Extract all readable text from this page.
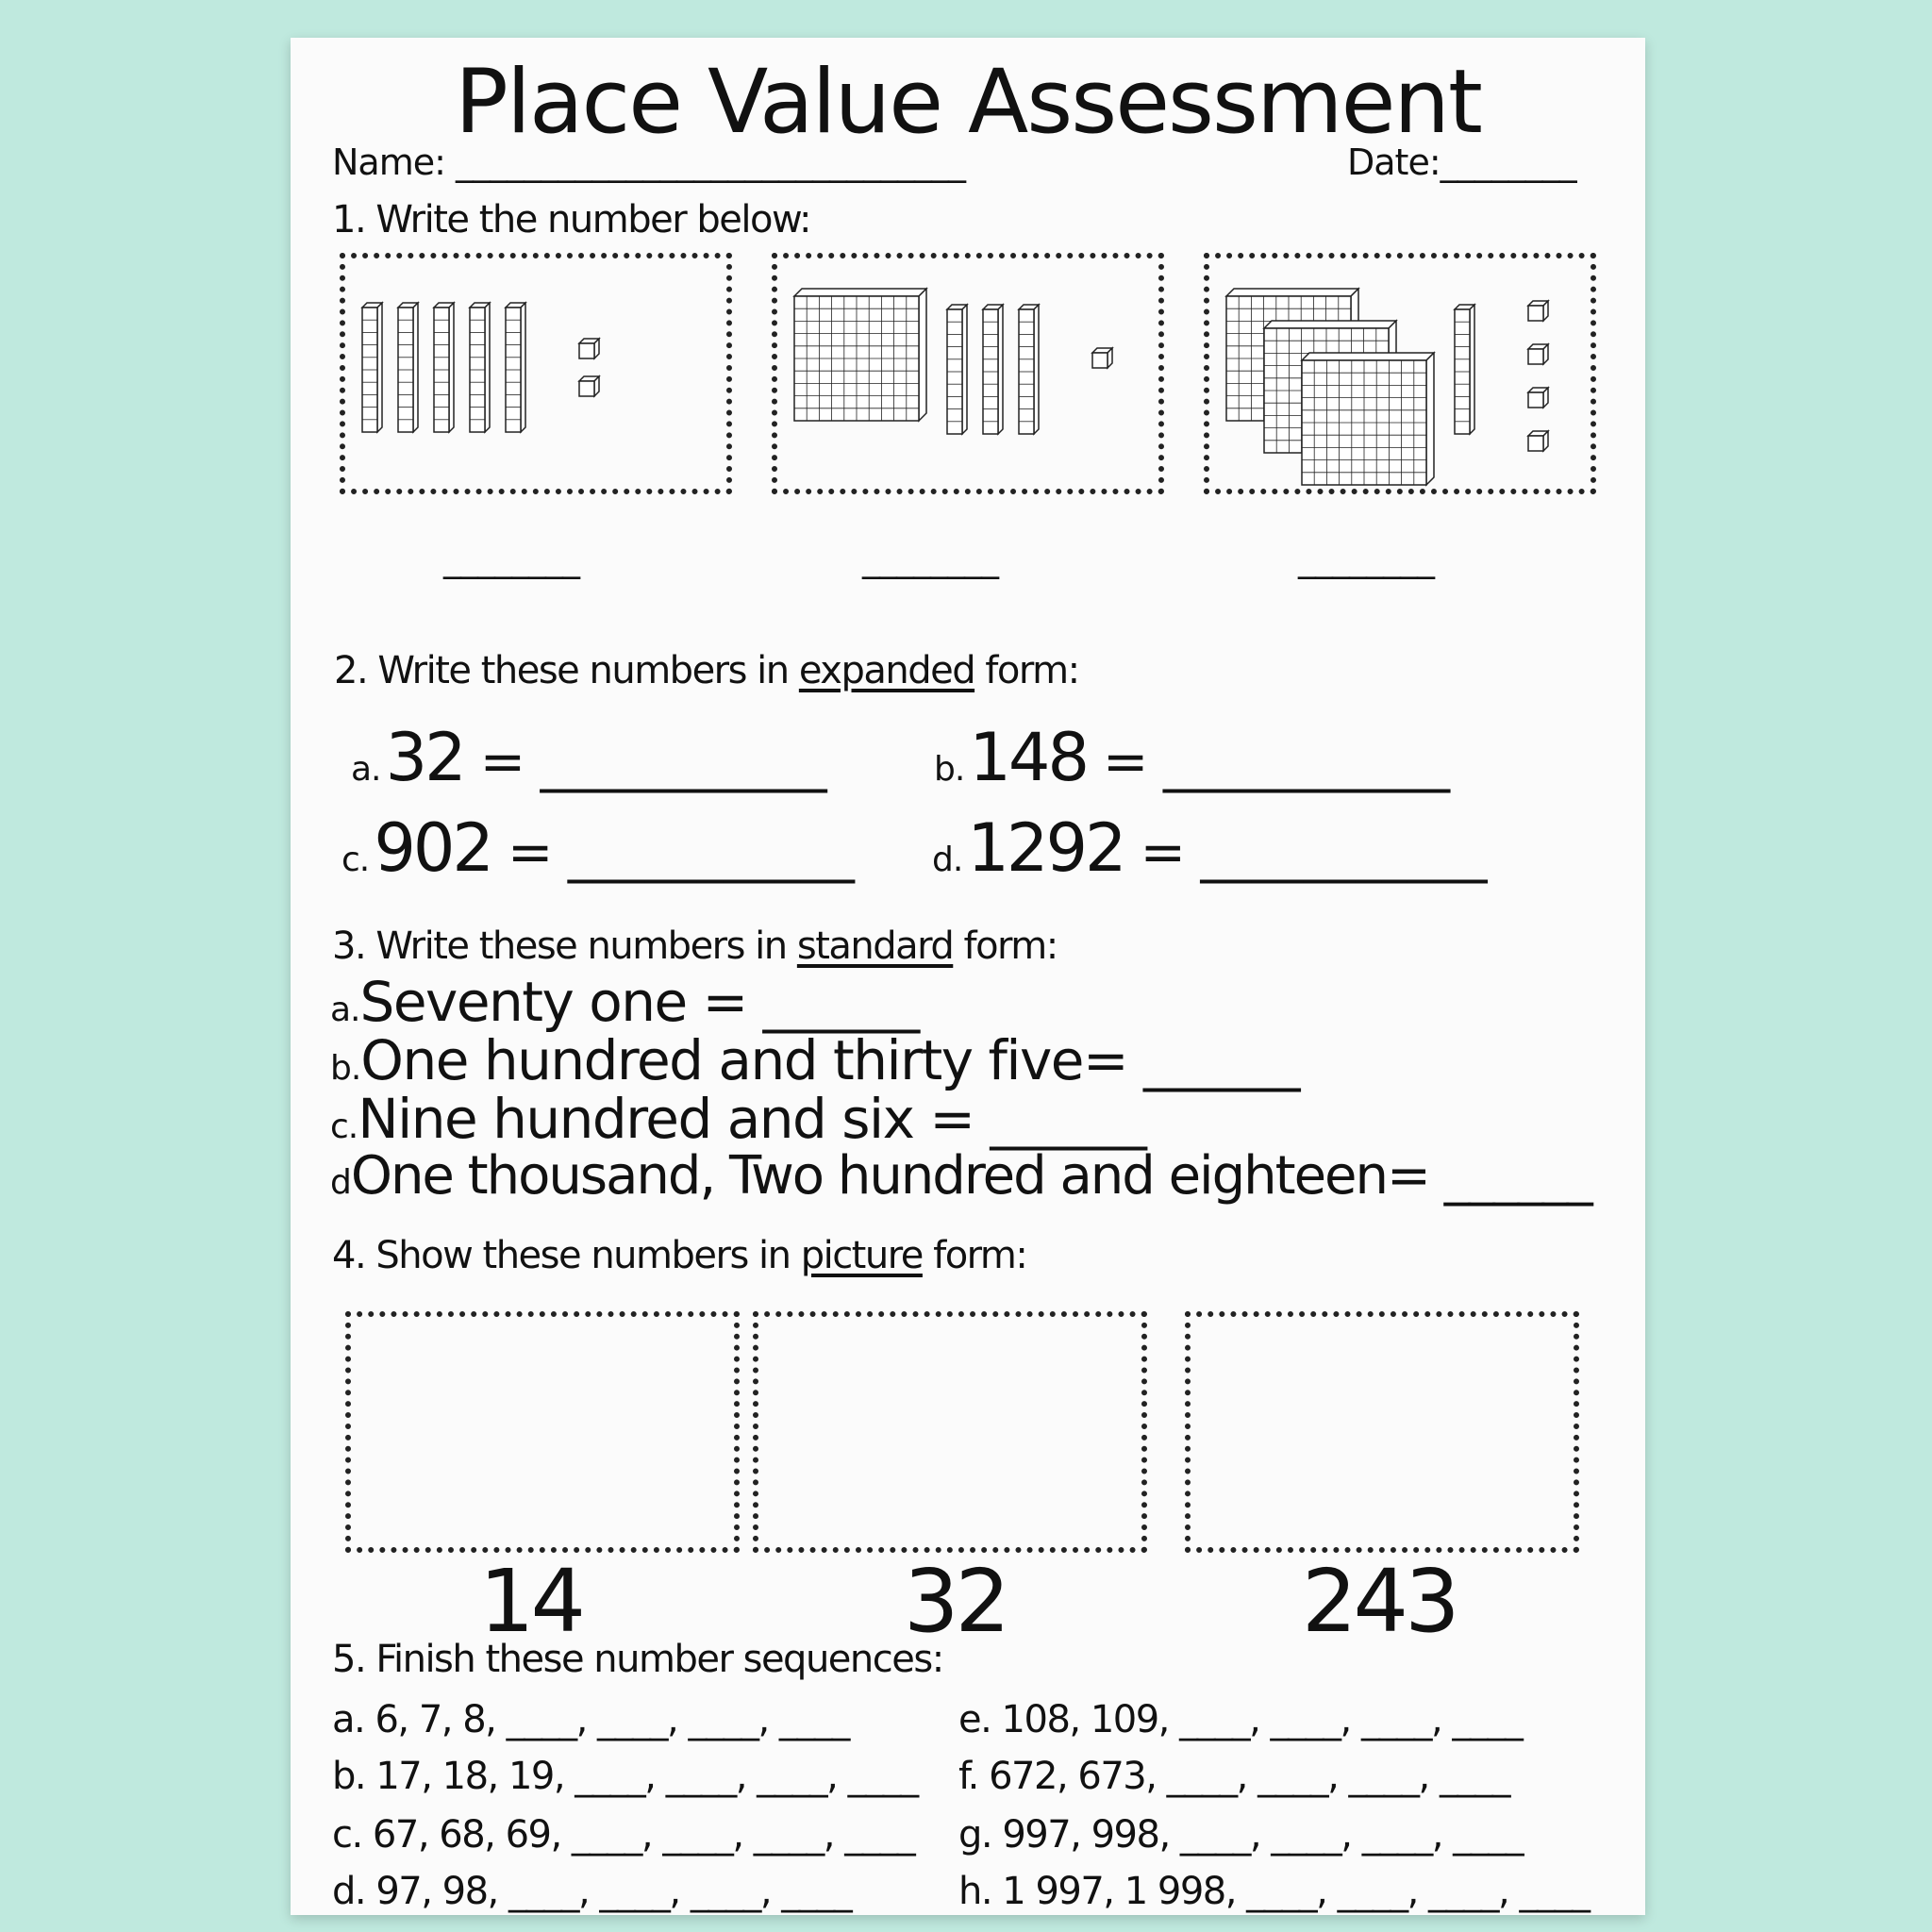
Place Value Assessment
Name: ______________________________	Date:________
1. Write the number below:
________	________	________
2. Write these numbers in expanded form:
a. 32 = ___________	b. 148 = ___________
c. 902 = ___________ d. 1292 = ___________
3. Write these numbers in standard form:
a.Seventy one = ______
b.One hundred and thirty five= ______
c.Nine hundred and six = ______
dOne thousand, Two hundred and eighteen= ______
4. Show these numbers in picture form:
14	32	243
5. Finish these number sequences:
a. 6, 7, 8, ____, ____, ____, ____
b. 17, 18, 19, ____, ____, ____, ____
c. 67, 68, 69, ____, ____, ____, ____
d. 97, 98, ____, ____, ____, ____
e. 108, 109, ____, ____, ____, ____
f. 672, 673, ____, ____, ____, ____
g. 997, 998, ____, ____, ____, ____
h. 1 997, 1 998, ____, ____, ____, ____
